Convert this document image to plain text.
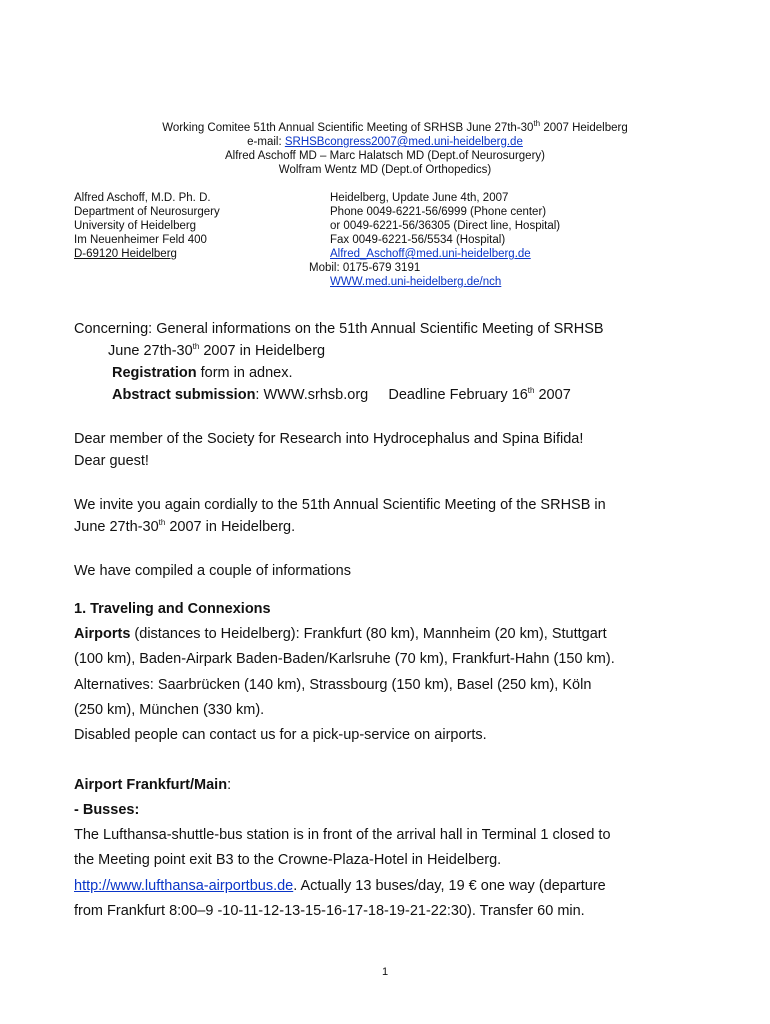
Working Comitee 51th Annual Scientific Meeting of SRHSB June 27th-30th 2007 Heidelberg
e-mail: SRHSBcongress2007@med.uni-heidelberg.de
Alfred Aschoff MD – Marc Halatsch MD (Dept.of Neurosurgery)
Wolfram Wentz MD (Dept.of Orthopedics)
Alfred Aschoff, M.D. Ph. D.
Department of Neurosurgery
University of Heidelberg
Im Neuenheimer Feld 400
D-69120 Heidelberg
Heidelberg, Update June 4th, 2007
Phone 0049-6221-56/6999 (Phone center)
or 0049-6221-56/36305 (Direct line, Hospital)
Fax 0049-6221-56/5534 (Hospital)
Alfred_Aschoff@med.uni-heidelberg.de
Mobil: 0175-679 3191
WWW.med.uni-heidelberg.de/nch
Concerning: General informations on the 51th Annual Scientific Meeting of SRHSB
June 27th-30th 2007 in Heidelberg
Registration form in adnex.
Abstract submission: WWW.srhsb.org     Deadline February 16th 2007
Dear member of the Society for Research into Hydrocephalus and Spina Bifida!
Dear guest!
We invite you again cordially to the 51th Annual Scientific Meeting of the SRHSB in
June 27th-30th 2007 in Heidelberg.
We have compiled a couple of informations
1. Traveling and Connexions
Airports (distances to Heidelberg): Frankfurt (80 km), Mannheim (20 km), Stuttgart
(100 km), Baden-Airpark Baden-Baden/Karlsruhe (70 km), Frankfurt-Hahn (150 km).
Alternatives: Saarbrücken (140 km), Strassbourg (150 km), Basel (250 km), Köln
(250 km), München (330 km).
Disabled people can contact us for a pick-up-service on airports.
Airport Frankfurt/Main:
- Busses:
The Lufthansa-shuttle-bus station is in front of the arrival hall in Terminal 1 closed to
the Meeting point exit B3 to the Crowne-Plaza-Hotel in Heidelberg.
http://www.lufthansa-airportbus.de. Actually 13 buses/day, 19 € one way (departure
from Frankfurt 8:00–9 -10-11-12-13-15-16-17-18-19-21-22:30). Transfer 60 min.
1
